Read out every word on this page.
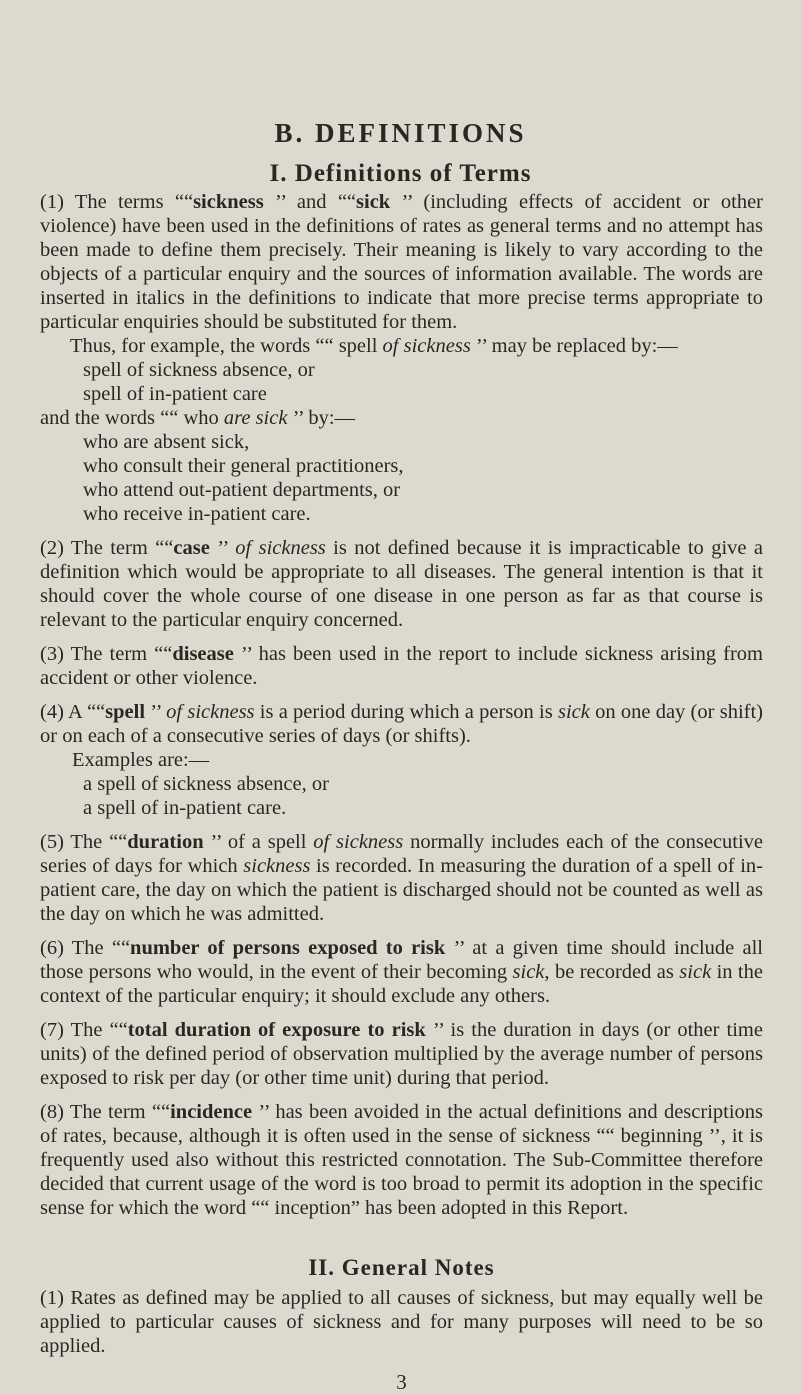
B. DEFINITIONS
I. Definitions of Terms

(1) The terms ““sickness ’’ and ““sick ’’ (including effects of accident or other violence) have been used in the definitions of rates as general terms and no attempt has been made to define them precisely. Their meaning is likely to vary according to the objects of a particular enquiry and the sources of information available. The words are inserted in italics in the definitions to indicate that more precise terms appropriate to particular enquiries should be substituted for them.

Thus, for example, the words ““ spell of sickness ’’ may be replaced by:—

spell of sickness absence, or
spell of in-patient care

and the words ““ who are sick ’’ by:—

who are absent sick,
who consult their general practitioners,
who attend out-patient departments, or
who receive in-patient care.

(2) The term ““case ’’ of sickness is not defined because it is impracticable to give a definition which would be appropriate to all diseases. The general intention is that it should cover the whole course of one disease in one person as far as that course is relevant to the particular enquiry concerned.

(3) The term ““disease ’’ has been used in the report to include sickness arising from accident or other violence.

(4) A ““spell ’’ of sickness is a period during which a person is sick on one day (or shift) or on each of a consecutive series of days (or shifts).

Examples are:—

a spell of sickness absence, or
a spell of in-patient care.

(5) The ““duration ’’ of a spell of sickness normally includes each of the consecutive series of days for which sickness is recorded. In measuring the duration of a spell of in-patient care, the day on which the patient is discharged should not be counted as well as the day on which he was admitted.

(6) The ““number of persons exposed to risk ’’ at a given time should include all those persons who would, in the event of their becoming sick, be recorded as sick in the context of the particular enquiry; it should exclude any others.

(7) The ““total duration of exposure to risk ’’ is the duration in days (or other time units) of the defined period of observation multiplied by the average number of persons exposed to risk per day (or other time unit) during that period.

(8) The term ““incidence ’’ has been avoided in the actual definitions and descriptions of rates, because, although it is often used in the sense of sickness ““ beginning ’’, it is frequently used also without this restricted connotation. The Sub-Committee therefore decided that current usage of the word is too broad to permit its adoption in the specific sense for which the word ““ inception” has been adopted in this Report.

II. General Notes

(1) Rates as defined may be applied to all causes of sickness, but may equally well be applied to particular causes of sickness and for many purposes will need to be so applied.

3
